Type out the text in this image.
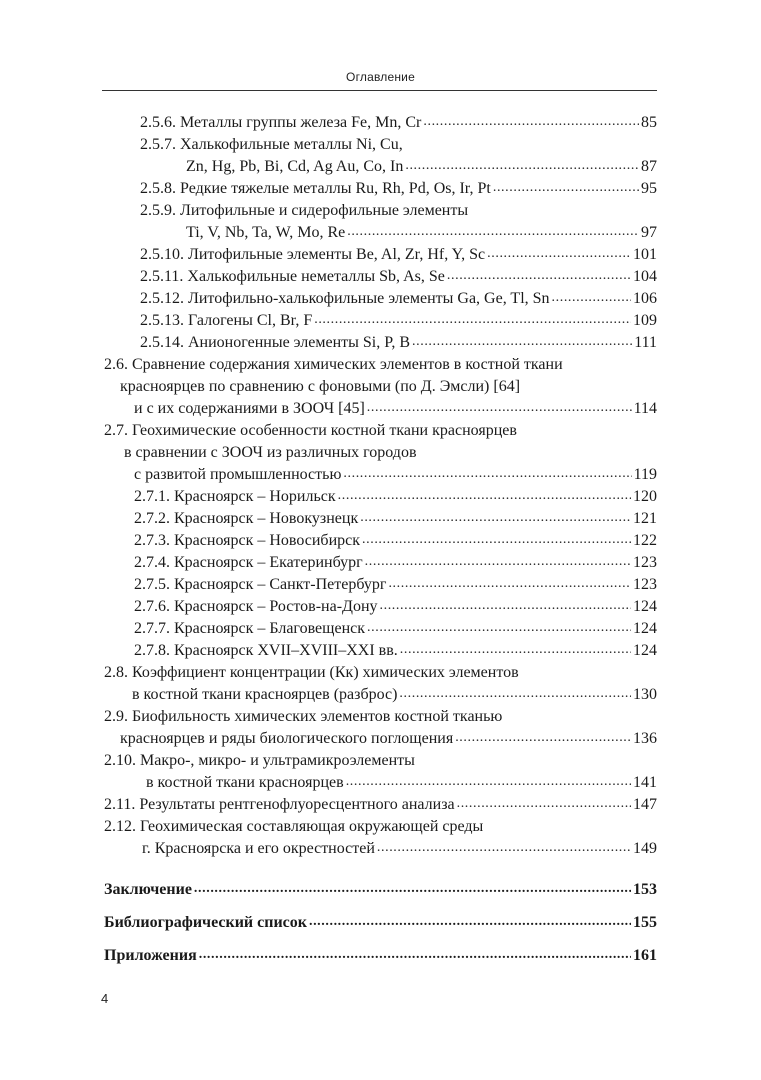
Оглавление
2.5.6. Металлы группы железа Fe, Mn, Cr .....	85
2.5.7. Халькофильные металлы Ni, Cu,
Zn, Hg, Pb, Bi, Cd, Ag Au, Co, In .....	87
2.5.8. Редкие тяжелые металлы Ru, Rh, Pd, Os, Ir, Pt .....	95
2.5.9. Литофильные и сидерофильные элементы
Ti, V, Nb, Ta, W, Mo, Re .....	97
2.5.10. Литофильные элементы Be, Al, Zr, Hf, Y, Sc .....	101
2.5.11. Халькофильные неметаллы Sb, As, Se .....	104
2.5.12. Литофильно-халькофильные элементы Ga, Ge, Tl, Sn .....	106
2.5.13. Галогены Cl, Br, F .....	109
2.5.14. Анионогенные элементы Si, P, B .....	111
2.6. Сравнение содержания химических элементов в костной ткани
красноярцев по сравнению с фоновыми (по Д. Эмсли) [64]
и с их содержаниями в ЗООЧ [45] .....	114
2.7. Геохимические особенности костной ткани красноярцев
в сравнении с ЗООЧ из различных городов
с развитой промышленностью .....	119
2.7.1. Красноярск – Норильск .....	120
2.7.2. Красноярск – Новокузнецк .....	121
2.7.3. Красноярск – Новосибирск .....	122
2.7.4. Красноярск – Екатеринбург .....	123
2.7.5. Красноярск – Санкт-Петербург .....	123
2.7.6. Красноярск – Ростов-на-Дону .....	124
2.7.7. Красноярск – Благовещенск .....	124
2.7.8. Красноярск XVII–XVIII–XXI вв. .....	124
2.8. Коэффициент концентрации (Кк) химических элементов
в костной ткани красноярцев (разброс) .....	130
2.9. Биофильность химических элементов костной тканью
красноярцев и ряды биологического поглощения .....	136
2.10. Макро-, микро- и ультрамикроэлементы
в костной ткани красноярцев .....	141
2.11. Результаты рентгенофлуоресцентного анализа .....	147
2.12. Геохимическая составляющая окружающей среды
г. Красноярска и его окрестностей .....	149
Заключение .....	153
Библиографический список .....	155
Приложения .....	161
4
